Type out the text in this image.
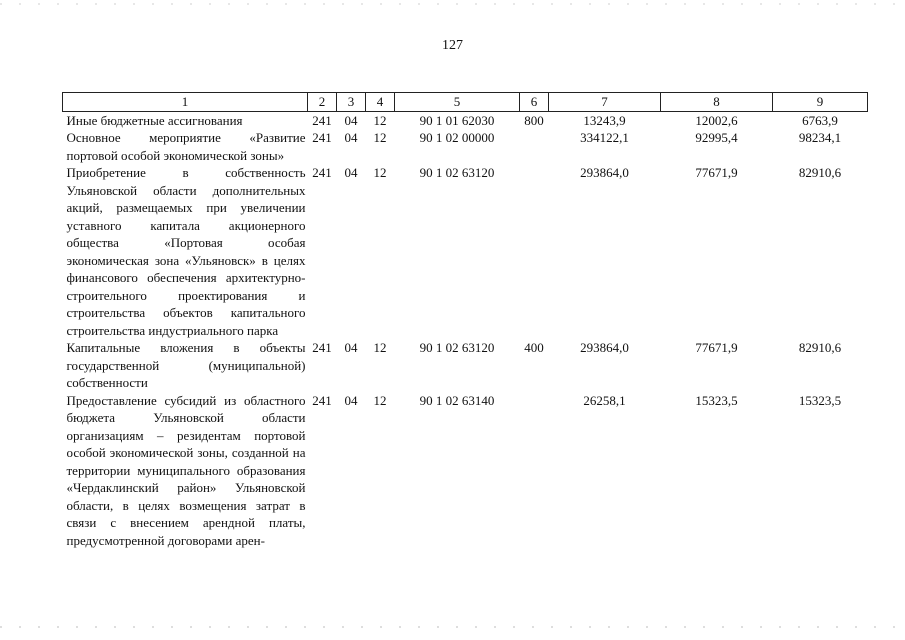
127
1	2	3	4	5	6	7	8	9
Иные бюджетные ассигнования	241	04	12	90 1 01 62030	800	13243,9	12002,6	6763,9
Основное мероприятие «Развитие портовой особой экономической зоны»	241	04	12	90 1 02 00000		334122,1	92995,4	98234,1
Приобретение в собственность Ульяновской области дополнительных акций, размещаемых при увеличении уставного капитала акционерного общества «Портовая особая экономическая зона «Ульяновск» в целях финансового обеспечения архитектурно-строительного проектирования и строительства объектов капитального строительства индустриального парка	241	04	12	90 1 02 63120		293864,0	77671,9	82910,6
Капитальные вложения в объекты государственной (муниципальной) собственности	241	04	12	90 1 02 63120	400	293864,0	77671,9	82910,6
Предоставление субсидий из областного бюджета Ульяновской области организациям – резидентам портовой особой экономической зоны, созданной на территории муниципального образования «Чердаклинский район» Ульяновской области, в целях возмещения затрат в связи с внесением арендной платы, предусмотренной договорами арен-	241	04	12	90 1 02 63140		26258,1	15323,5	15323,5
